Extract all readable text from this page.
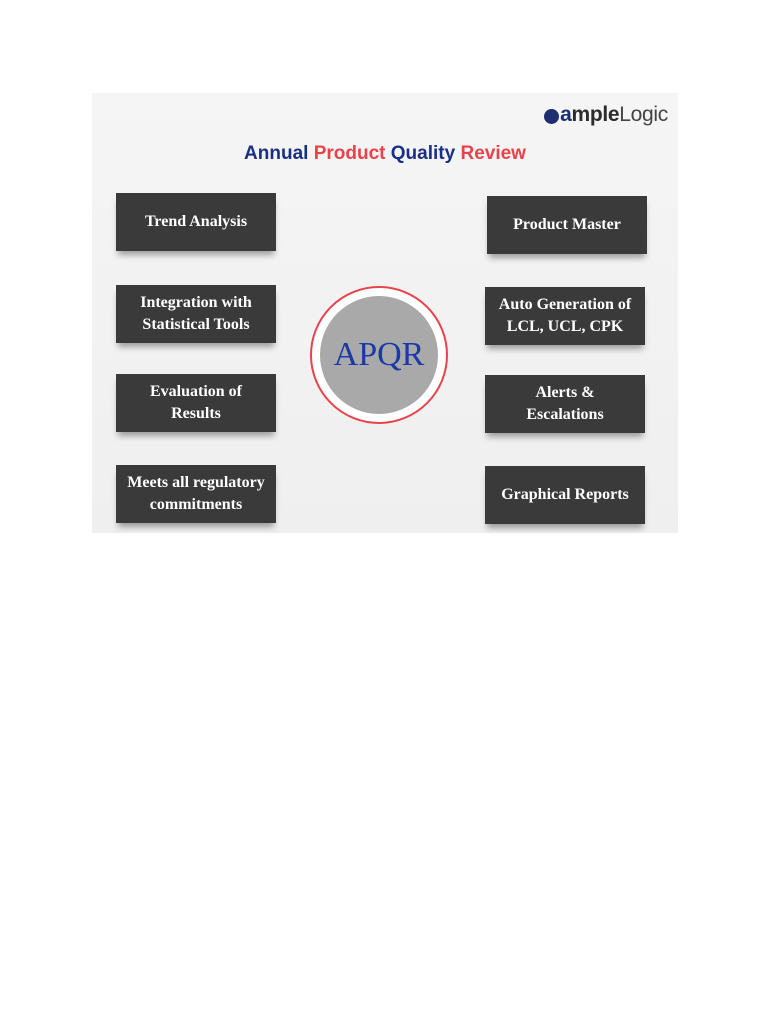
a mple Logic
Annual Product Quality Review
Trend Analysis
Integration with
Statistical Tools
Evaluation of
Results
Meets all regulatory
commitments
APQR
Product Master
Auto Generation of
LCL, UCL, CPK
Alerts &
Escalations
Graphical Reports
